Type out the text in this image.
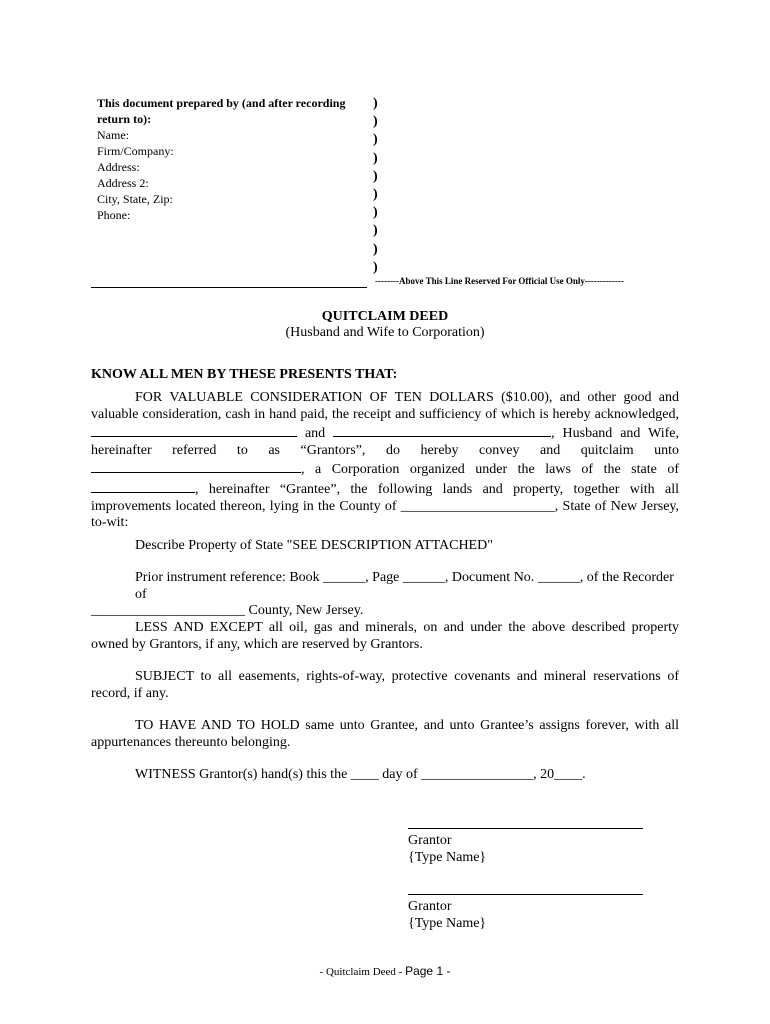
This document prepared by (and after recording
return to):
Name:
Firm/Company:
Address:
Address 2:
City, State, Zip:
Phone:
)
)
)
)
)
)
)
)
)
)
--------Above This Line Reserved For Official Use Only-------------
QUITCLAIM DEED
(Husband and Wife to Corporation)
KNOW ALL MEN BY THESE PRESENTS THAT:
FOR VALUABLE CONSIDERATION OF TEN DOLLARS ($10.00), and other good and valuable consideration, cash in hand paid, the receipt and sufficiency of which is hereby acknowledged,  and	, Husband and Wife, hereinafter referred to as “Grantors”, do hereby convey and quitclaim unto , a Corporation organized under the laws of the state of , hereinafter “Grantee”, the following lands and property, together with all improvements located thereon, lying in the County of ______________________, State of New Jersey, to-wit:
Describe Property of State "SEE DESCRIPTION ATTACHED"
Prior instrument reference: Book ______, Page ______, Document No. ______, of the Recorder of
______________________ County, New Jersey.
LESS AND EXCEPT all oil, gas and minerals, on and under the above described property owned by Grantors, if any, which are reserved by Grantors.
SUBJECT to all easements, rights-of-way, protective covenants and mineral reservations of record, if any.
TO HAVE AND TO HOLD same unto Grantee, and unto Grantee’s assigns forever, with all appurtenances thereunto belonging.
WITNESS Grantor(s) hand(s) this the ____ day of ________________, 20____.
Grantor
{Type Name}
Grantor
{Type Name}
- Quitclaim Deed - Page 1 -
